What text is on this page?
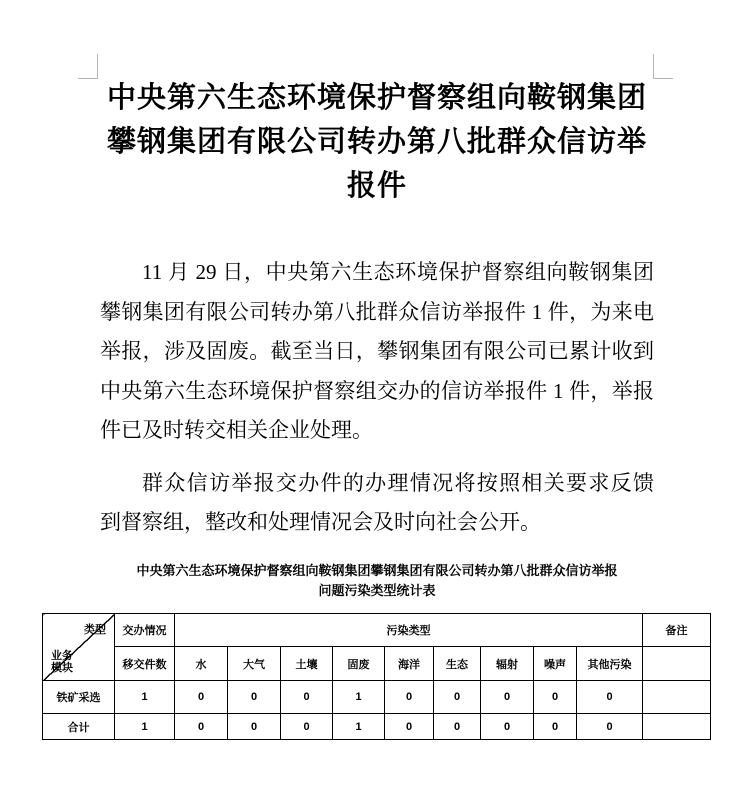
中央第六生态环境保护督察组向鞍钢集团
攀钢集团有限公司转办第八批群众信访举
报件
11 月 29 日，中央第六生态环境保护督察组向鞍钢集团
攀钢集团有限公司转办第八批群众信访举报件 1 件，为来电
举报，涉及固废。截至当日，攀钢集团有限公司已累计收到
中央第六生态环境保护督察组交办的信访举报件 1 件，举报
件已及时转交相关企业处理。
群众信访举报交办件的办理情况将按照相关要求反馈
到督察组，整改和处理情况会及时向社会公开。
中央第六生态环境保护督察组向鞍钢集团攀钢集团有限公司转办第八批群众信访举报
问题污染类型统计表
类型
业务
模块	交办情况	污染类型									备注
	移交件数	水	大气	土壤	固废	海洋	生态	辐射	噪声	其他污染	
铁矿采选	1	0	0	0	1	0	0	0	0	0	
合计	1	0	0	0	1	0	0	0	0	0	
